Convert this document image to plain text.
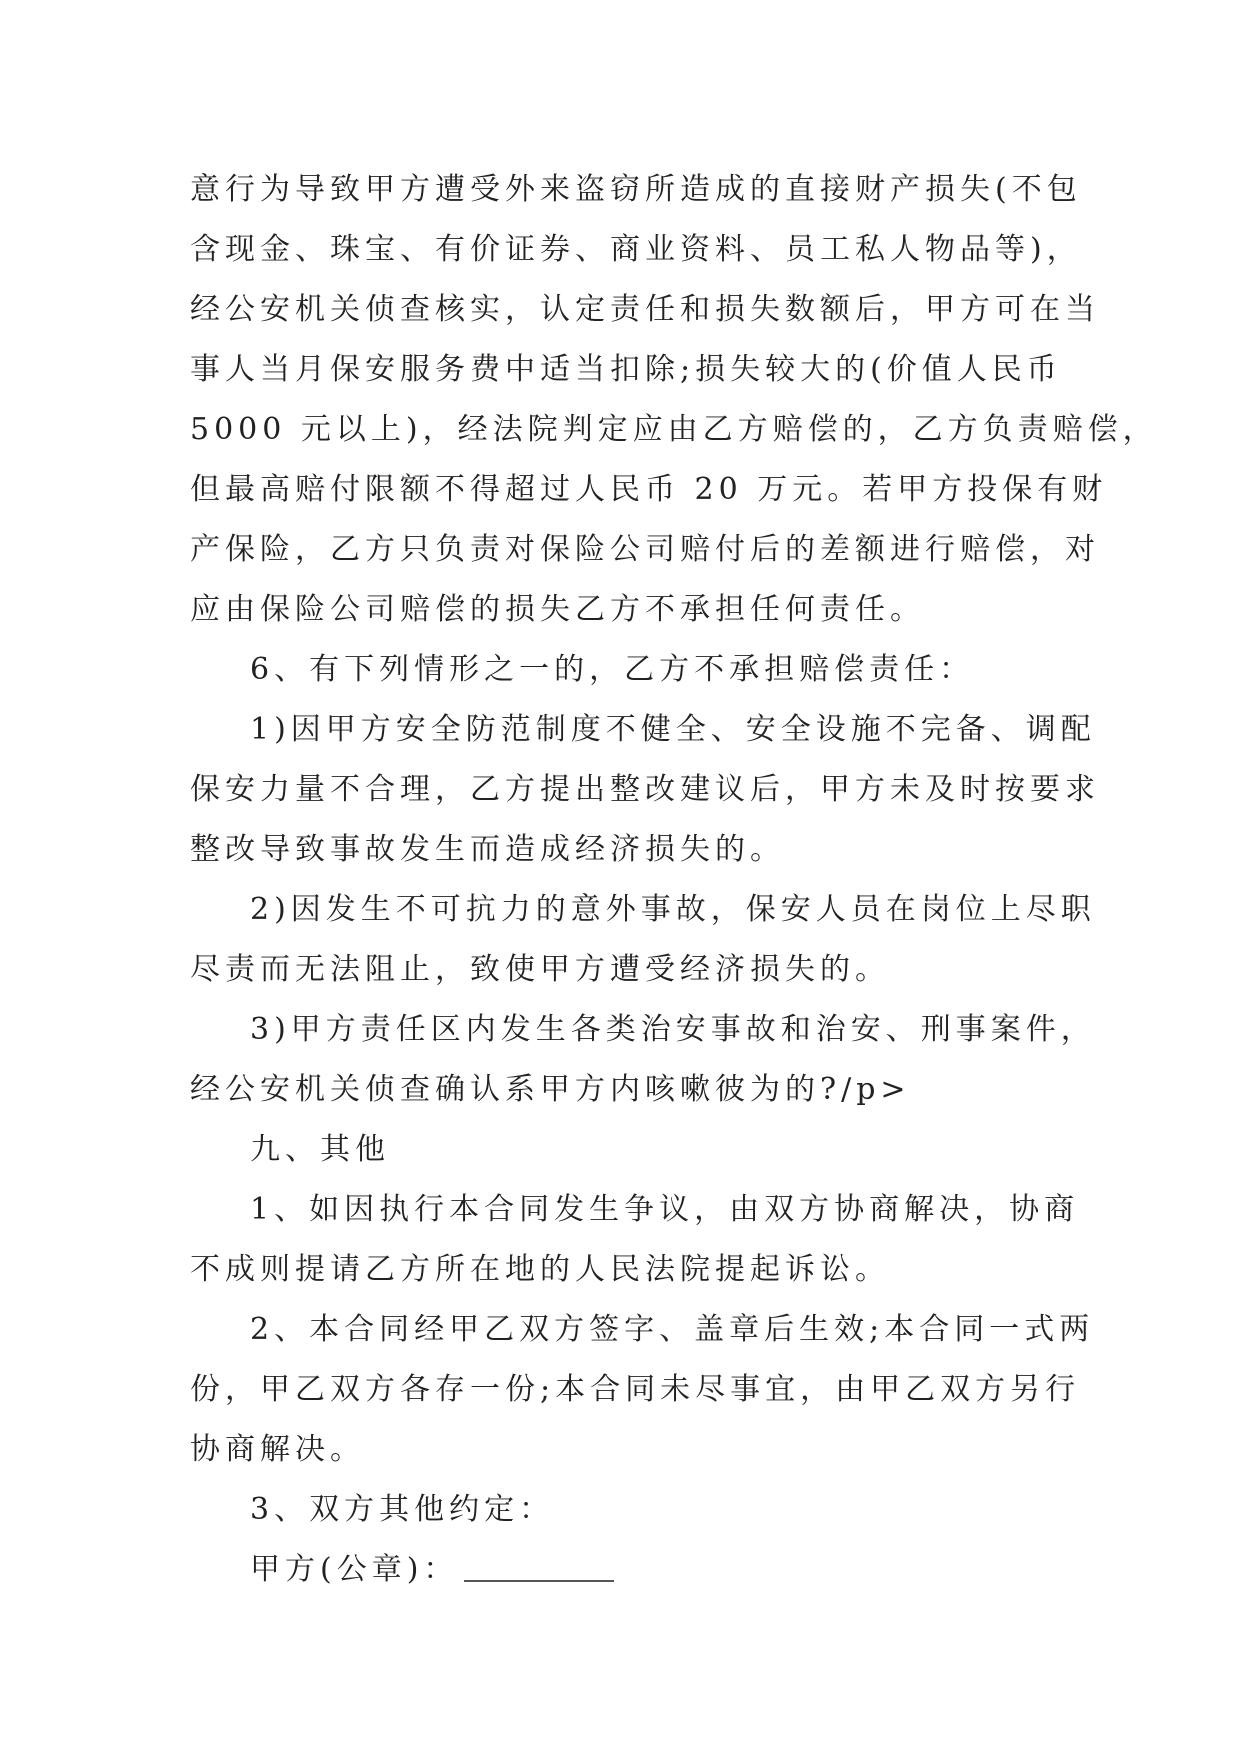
意行为导致甲方遭受外来盗窃所造成的直接财产损失(不包
含现金、珠宝、有价证券、商业资料、员工私人物品等)，
经公安机关侦查核实，认定责任和损失数额后，甲方可在当
事人当月保安服务费中适当扣除;损失较大的(价值人民币
5000 元以上)，经法院判定应由乙方赔偿的，乙方负责赔偿，
但最高赔付限额不得超过人民币 20 万元。若甲方投保有财
产保险，乙方只负责对保险公司赔付后的差额进行赔偿，对
应由保险公司赔偿的损失乙方不承担任何责任。
6、有下列情形之一的，乙方不承担赔偿责任：
1)因甲方安全防范制度不健全、安全设施不完备、调配
保安力量不合理，乙方提出整改建议后，甲方未及时按要求
整改导致事故发生而造成经济损失的。
2)因发生不可抗力的意外事故，保安人员在岗位上尽职
尽责而无法阻止，致使甲方遭受经济损失的。
3)甲方责任区内发生各类治安事故和治安、刑事案件，
经公安机关侦查确认系甲方内咳嗽彼为的?/p>
九、其他
1、如因执行本合同发生争议，由双方协商解决，协商
不成则提请乙方所在地的人民法院提起诉讼。
2、本合同经甲乙双方签字、盖章后生效;本合同一式两
份，甲乙双方各存一份;本合同未尽事宜，由甲乙双方另行
协商解决。
3、双方其他约定：
甲方(公章)：
